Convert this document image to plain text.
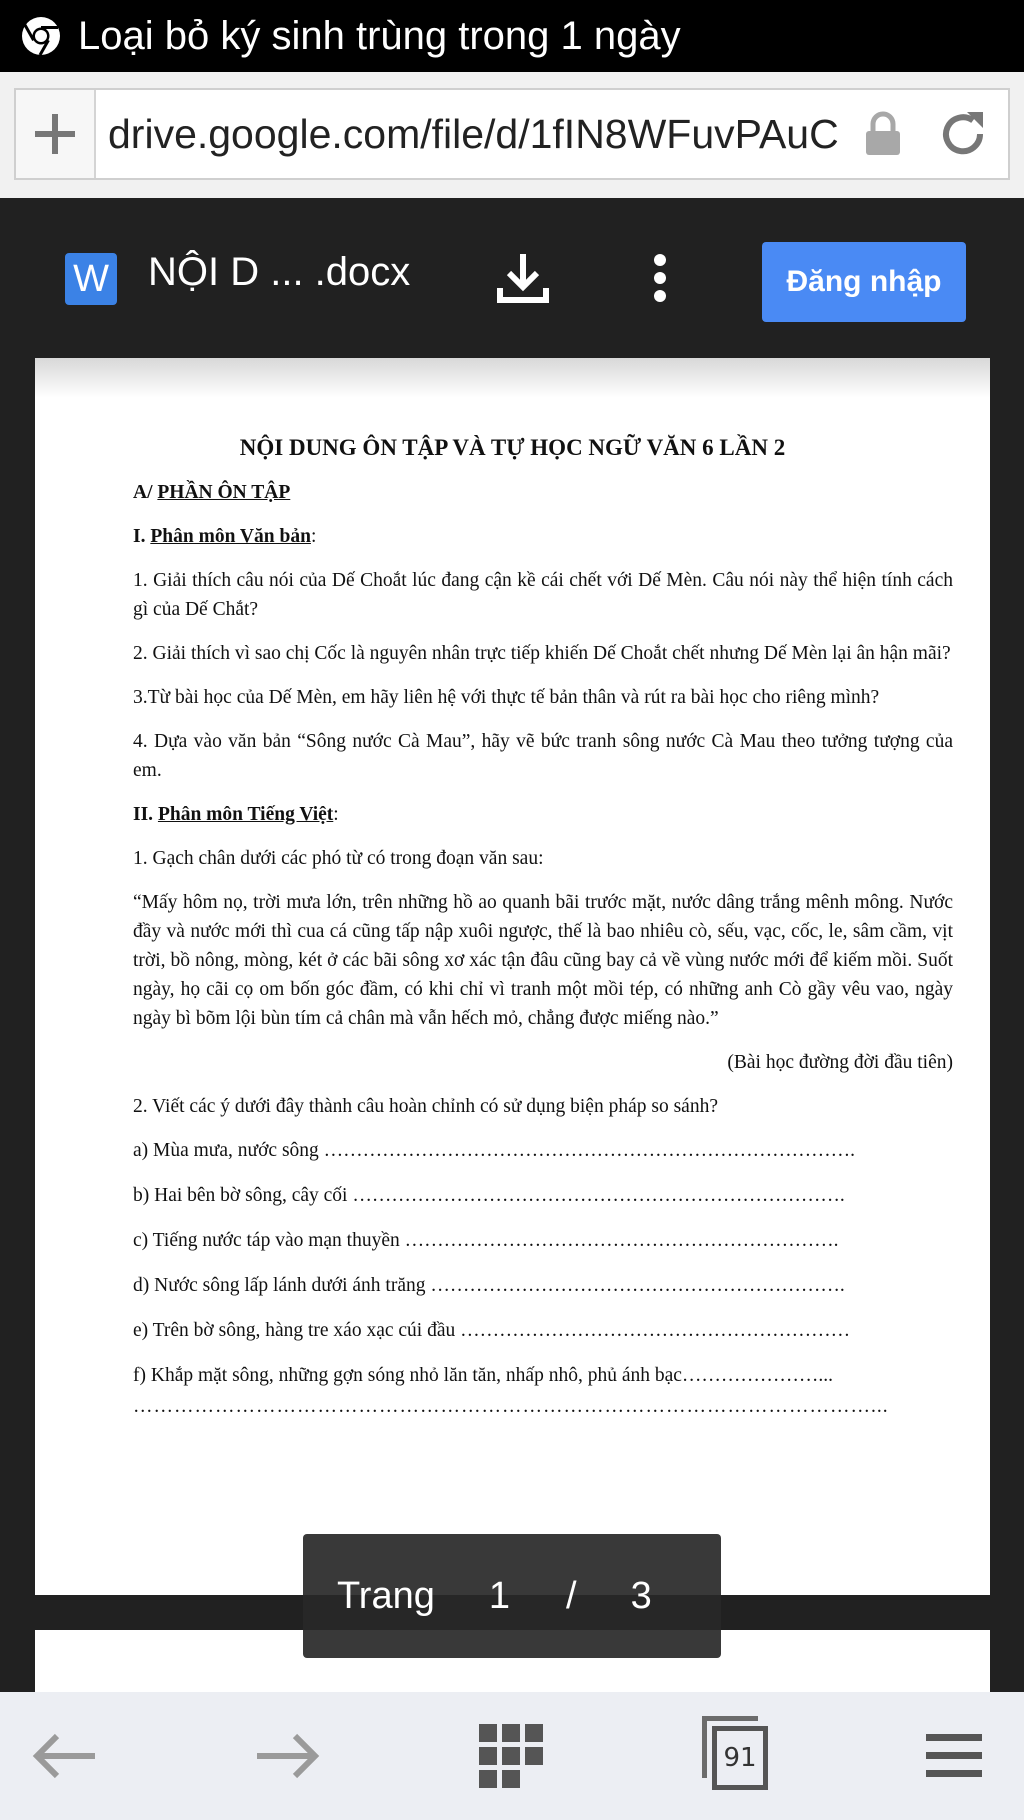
Loại bỏ ký sinh trùng trong 1 ngày
drive.google.com/file/d/1fIN8WFuvPAuC
W NỘI D ... .docx	Đăng nhập
NỘI DUNG ÔN TẬP VÀ TỰ HỌC NGỮ VĂN 6 LẦN 2

A/ PHẦN ÔN TẬP

I. Phân môn Văn bản:

1. Giải thích câu nói của Dế Choắt lúc đang cận kề cái chết với Dế Mèn. Câu nói này thể hiện tính cách gì của Dế Chắt?

2. Giải thích vì sao chị Cốc là nguyên nhân trực tiếp khiến Dế Choắt chết nhưng Dế Mèn lại ân hận mãi?

3.Từ bài học của Dế Mèn, em hãy liên hệ với thực tế bản thân và rút ra bài học cho riêng mình?

4. Dựa vào văn bản “Sông nước Cà Mau”, hãy vẽ bức tranh sông nước Cà Mau theo tưởng tượng của em.

II. Phân môn Tiếng Việt:

1. Gạch chân dưới các phó từ có trong đoạn văn sau:

“Mấy hôm nọ, trời mưa lớn, trên những hồ ao quanh bãi trước mặt, nước dâng trắng mênh mông. Nước đầy và nước mới thì cua cá cũng tấp nập xuôi ngược, thế là bao nhiêu cò, sếu, vạc, cốc, le, sâm cầm, vịt trời, bồ nông, mòng, két ở các bãi sông xơ xác tận đâu cũng bay cả về vùng nước mới để kiếm mồi. Suốt ngày, họ cãi cọ om bốn góc đầm, có khi chỉ vì tranh một mồi tép, có những anh Cò gầy vêu vao, ngày ngày bì bõm lội bùn tím cả chân mà vẫn hếch mỏ, chẳng được miếng nào.”

(Bài học đường đời đầu tiên)

2. Viết các ý dưới đây thành câu hoàn chỉnh có sử dụng biện pháp so sánh?

a) Mùa mưa, nước sông ……………………………………………………………………….

b) Hai bên bờ sông, cây cối ………………………………………………………………….

c) Tiếng nước táp vào mạn thuyền ………………………………………………………….

d) Nước sông lấp lánh dưới ánh trăng ……………………………………………………….

e) Trên bờ sông, hàng tre xáo xạc cúi đầu ……………………………………………………

f) Khắp mặt sông, những gợn sóng nhỏ lăn tăn, nhấp nhô, phủ ánh bạc…………………...

………………………………………………………………………………………………...

Trang 1 / 3
91
